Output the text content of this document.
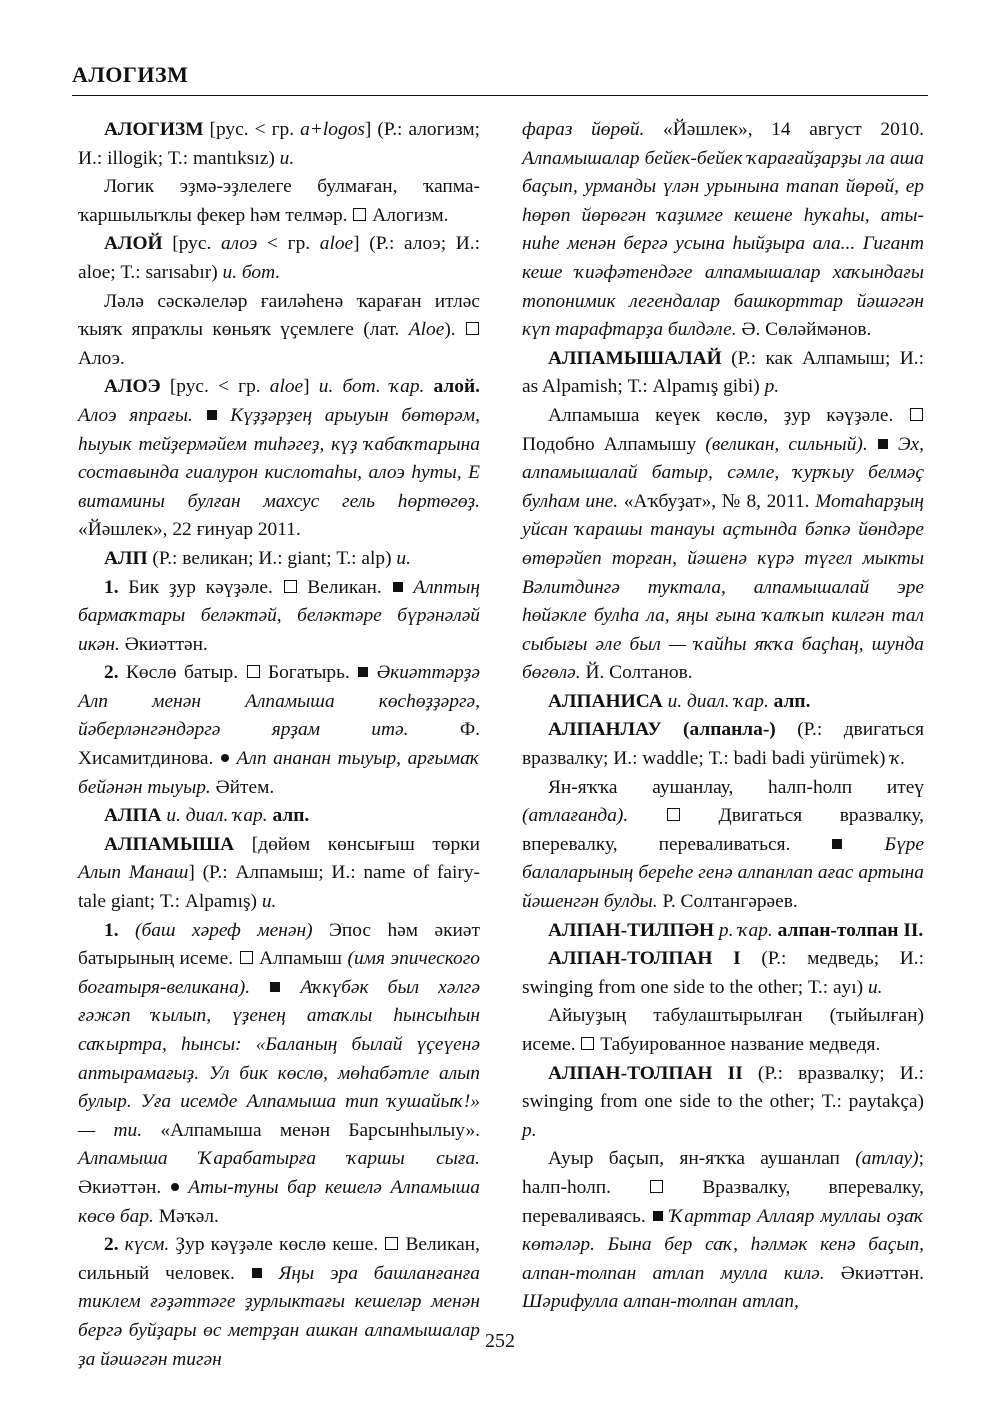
АЛОГИЗМ

АЛОГИЗМ [рус. < гр. a+logos] (Р.: алогизм; И.: illogik; Т.: mantıksız) и.

Логик эҙмә-эҙлелеге булмаған, ҡапма-ҡаршылыҡлы фекер һәм телмәр.  Алогизм.

АЛОЙ [рус. алоэ < гр. aloe] (Р.: алоэ; И.: aloe; Т.: sarısabır) и. бот.

Ләлә сәскәлеләр ғаиләһенә ҡараған итләс ҡыяҡ япраҡлы көньяҡ үҫемлеге (лат. Aloe).  Алоэ.

АЛОЭ [рус. < гр. aloe] и. бот. ҡар. алой. Алоэ япрағы.  Күҙҙәрҙең арыуын бөтөрәм, һыуык тейҙермәйем тиһәгеҙ, күҙ ҡабаҡтарына составында гиалурон кислотаһы, алоэ һуты, Е витамины булған махсус гель һөртөгөҙ. «Йәшлек», 22 ғинуар 2011.

АЛП (Р.: великан; И.: giant; Т.: alp) и.

1. Бик ҙур кәүҙәле.  Великан.  Алптың бармаҡтары беләктәй, беләктәре бүрәнәләй икән. Әкиәттән.

2. Көслө батыр.  Богатырь.  Әкиәттәрҙә Алп менән Алпамыша көсһөҙҙәргә, йәберләнгәндәргә ярҙам итә. Ф. Хисамитдинова.  Алп ананан тыуыр, арғымаҡ бейәнән тыуыр. Әйтем.

АЛПА и. диал. ҡар. алп.

АЛПАМЫША [дөйөм көнсығыш төрки Алып Манаш] (Р.: Алпамыш; И.: name of fairy-tale giant; Т.: Alpamış) и.

1. (баш хәреф менән) Эпос һәм әкиәт батырының исеме.  Алпамыш (имя эпического богатыря-великана).  Аҡкүбәк был хәлгә ғәжәп ҡылып, үҙенең атаҡлы һынсыһын саҡыртра, һынсы: «Баланың былай үҫеүенә аптырамағыҙ. Ул бик көслө, мөһабәтле алып булыр. Уға исемде Алпамыша тип ҡушайыҡ!» — ти. «Алпамыша менән Барсынһылыу». Алпамыша Ҡарабатырға ҡаршы сыға. Әкиәттән.  Аты-туны бар кешелә Алпамыша көсө бар. Мәҡәл.

2. күсм. Ҙур кәүҙәле көслө кеше.  Великан, сильный человек.  Яңы эра башланғанға тиклем ғәҙәттәге ҙурлыктағы кешеләр менән бергә буйҙары өс метрҙан ашкан алпамышалар ҙа йәшәгән тигән

фараз йөрөй. «Йәшлек», 14 август 2010. Алпамышалар бейек-бейек ҡарағайҙарҙы ла аша баҫып, урманды үлән урынына тапап йөрөй, ер һөрөп йөрөгән ҡаҙимге кешене һуҡаһы, аты-ниһе менән бергә усына һыйҙыра ала... Гигант кеше ҡиәфәтендәге алпамышалар хаҡындағы топонимик легендалар башкорттар йәшәгән күп тарафтарҙа билдәле. Ә. Сөләймәнов.

АЛПАМЫШАЛАЙ (Р.: как Алпамыш; И.: as Alpamish; Т.: Alpamış gibi) р.

Алпамыша кеүек көслө, ҙур кәүҙәле.  Подобно Алпамышу (великан, сильный).  Эх, алпамышалай батыр, сәмле, ҡурҡыу белмәҫ булһам ине. «Аҡбуҙат», № 8, 2011. Мотаһарҙың уйсан ҡарашы танауы аҫтында бәпкә йөндәре өтөрәйеп торған, йәшенә күрә түгел мыкты Вәлитдингә туктала, алпамышалай эре һөйәкле булһа ла, яңы ғына ҡалҡып килгән тал сыбығы әле был — ҡайһы яҡҡа баҫһаң, шунда бөгөлә. Й. Солтанов.

АЛПАНИСА и. диал. ҡар. алп.

АЛПАНЛАУ (алпанла-) (Р.: двигаться вразвалку; И.: waddle; Т.: badi badi yürümek) ҡ.

Ян-яҡҡа аушанлау, һалп-һолп итеү (атлағанда).	Двигаться вразвалку, вперевалку, переваливаться.	Бүре балаларының береһе генә алпанлап ағас артына йәшенгән булды. Р. Солтангәрәев.

АЛПАН-ТИЛПӘН р. ҡар. алпан-толпан II.

АЛПАН-ТОЛПАН I (Р.: медведь; И.: swinging from one side to the other; Т.: ayı) и.

Айыуҙың табулаштырылған (тыйылған) исеме.  Табуированное название медведя.

АЛПАН-ТОЛПАН II (Р.: вразвалку; И.: swinging from one side to the other; Т.: paytakça) р.

Ауыр баҫып, ян-яҡҡа аушанлап (атлау); һалп-һолп.  Вразвалку, вперевалку, переваливаясь.  Ҡарттар Аллаяр муллаы оҙаҡ көтәләр. Бына бер саҡ, һәлмәк кенә баҫып, алпан-толпан атлап мулла килә. Әкиәттән. Шәрифулла алпан-толпан атлап,

252
